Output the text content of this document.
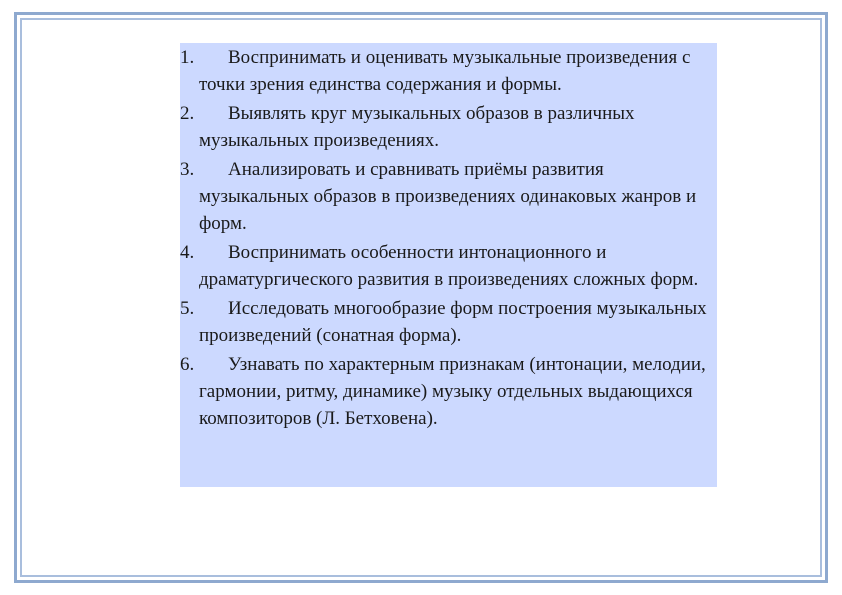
1.	Воспринимать и оценивать музыкальные произведения с точки зрения единства содержания и формы.
2.	Выявлять круг музыкальных образов в различных музыкальных произведениях.
3.	Анализировать и сравнивать приёмы развития музыкальных образов в произведениях одинаковых жанров и форм.
4.	Воспринимать особенности интонационного и драматургического развития в произведениях сложных форм.
5.	Исследовать многообразие форм построения музыкальных произведений (сонатная форма).
6.	Узнавать по характерным признакам (интонации, мелодии, гармонии, ритму, динамике) музыку отдельных выдающихся композиторов (Л. Бетховена).
